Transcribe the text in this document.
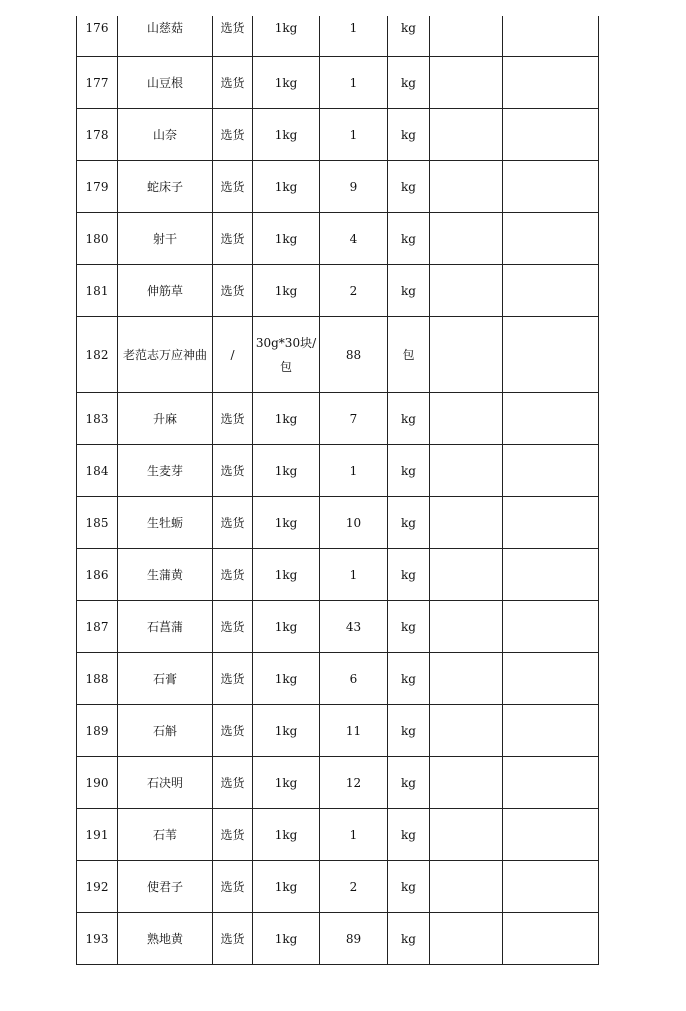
176	山慈菇	选货	1kg	1	kg		
177	山豆根	选货	1kg	1	kg		
178	山奈	选货	1kg	1	kg		
179	蛇床子	选货	1kg	9	kg		
180	射干	选货	1kg	4	kg		
181	伸筋草	选货	1kg	2	kg		
182	老范志万应神曲	/	30g*30块/包	88	包		
183	升麻	选货	1kg	7	kg		
184	生麦芽	选货	1kg	1	kg		
185	生牡蛎	选货	1kg	10	kg		
186	生蒲黄	选货	1kg	1	kg		
187	石菖蒲	选货	1kg	43	kg		
188	石膏	选货	1kg	6	kg		
189	石斛	选货	1kg	11	kg		
190	石决明	选货	1kg	12	kg		
191	石苇	选货	1kg	1	kg		
192	使君子	选货	1kg	2	kg		
193	熟地黄	选货	1kg	89	kg		
